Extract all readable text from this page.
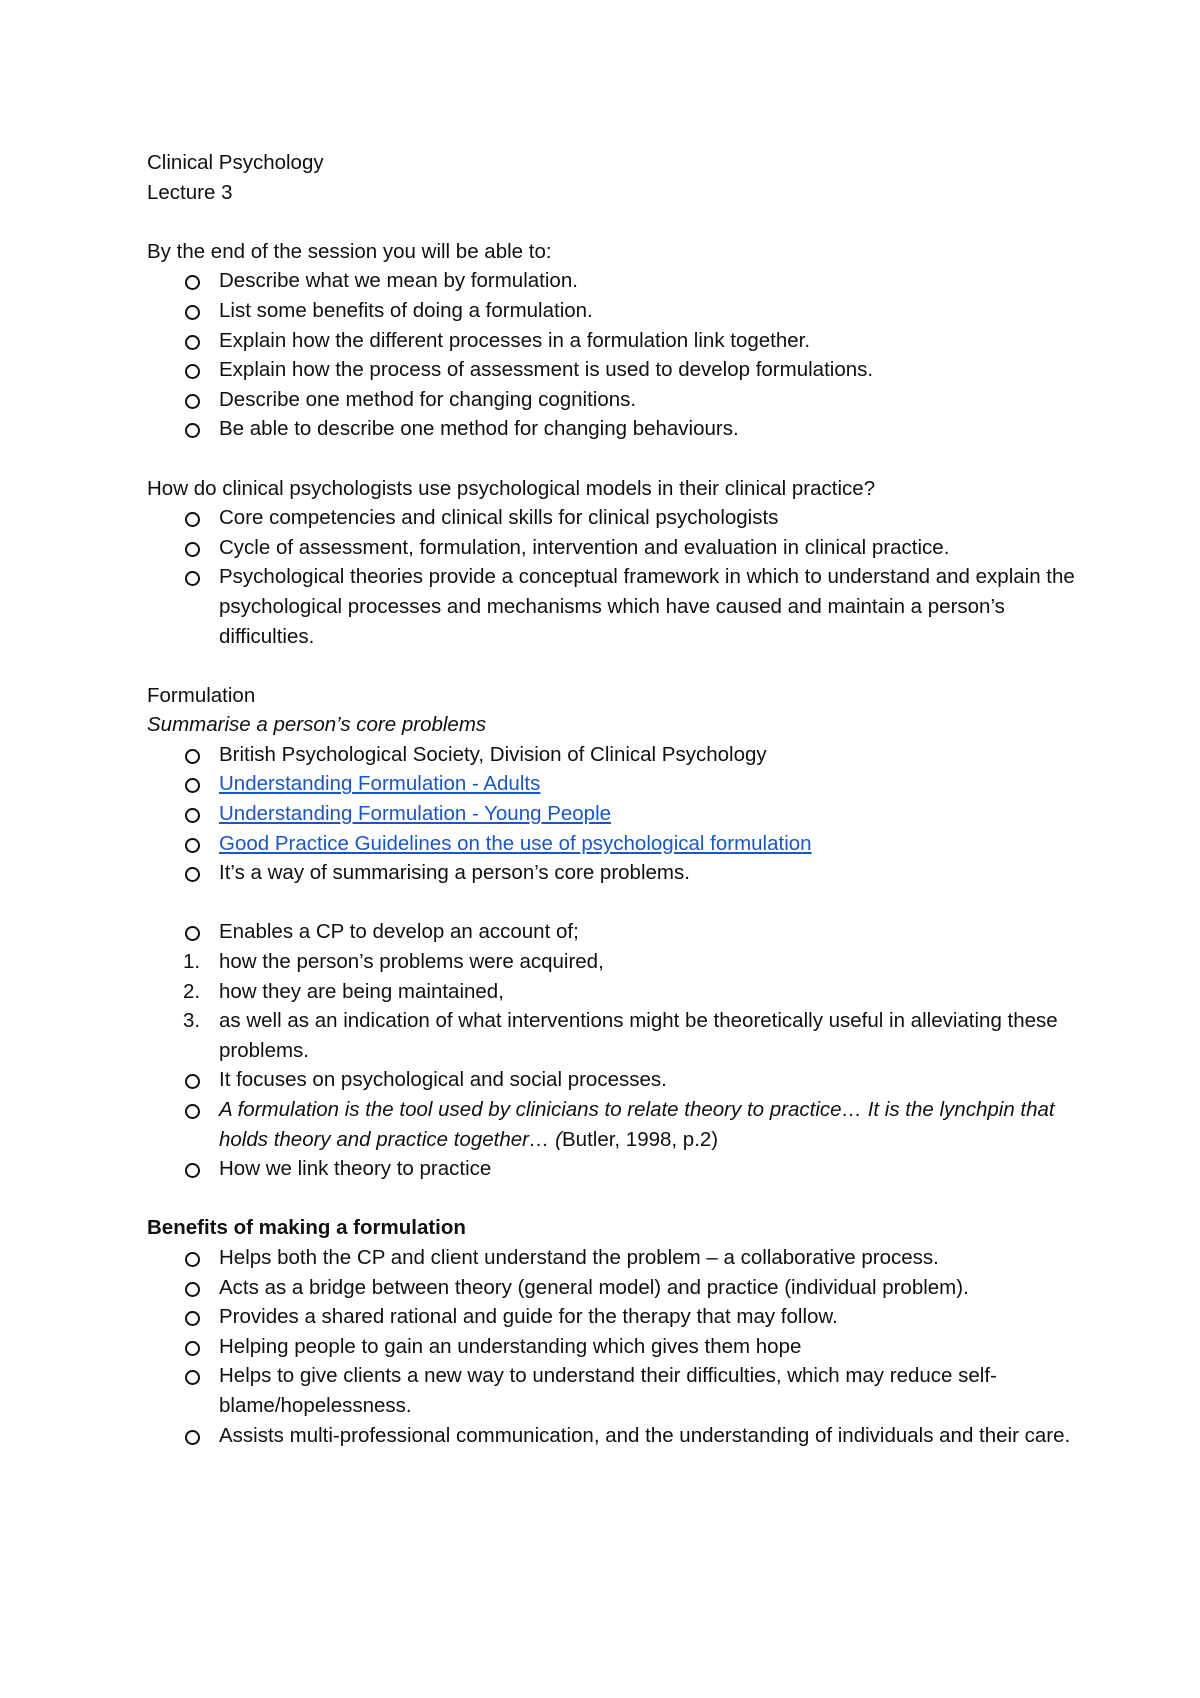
Clinical Psychology
Lecture 3
By the end of the session you will be able to:
Describe what we mean by formulation.
List some benefits of doing a formulation.
Explain how the different processes in a formulation link together.
Explain how the process of assessment is used to develop formulations.
Describe one method for changing cognitions.
Be able to describe one method for changing behaviours.
How do clinical psychologists use psychological models in their clinical practice?
Core competencies and clinical skills for clinical psychologists
Cycle of assessment, formulation, intervention and evaluation in clinical practice.
Psychological theories provide a conceptual framework in which to understand and explain the psychological processes and mechanisms which have caused and maintain a person’s difficulties.
Formulation
Summarise a person’s core problems
British Psychological Society, Division of Clinical Psychology
Understanding Formulation - Adults
Understanding Formulation - Young People
Good Practice Guidelines on the use of psychological formulation
It’s a way of summarising a person’s core problems.
Enables a CP to develop an account of;
1. how the person’s problems were acquired,
2. how they are being maintained,
3. as well as an indication of what interventions might be theoretically useful in alleviating these problems.
It focuses on psychological and social processes.
A formulation is the tool used by clinicians to relate theory to practice… It is the lynchpin that holds theory and practice together… (Butler, 1998, p.2)
How we link theory to practice
Benefits of making a formulation
Helps both the CP and client understand the problem – a collaborative process.
Acts as a bridge between theory (general model) and practice (individual problem).
Provides a shared rational and guide for the therapy that may follow.
Helping people to gain an understanding which gives them hope
Helps to give clients a new way to understand their difficulties, which may reduce self-blame/hopelessness.
Assists multi-professional communication, and the understanding of individuals and their care.
